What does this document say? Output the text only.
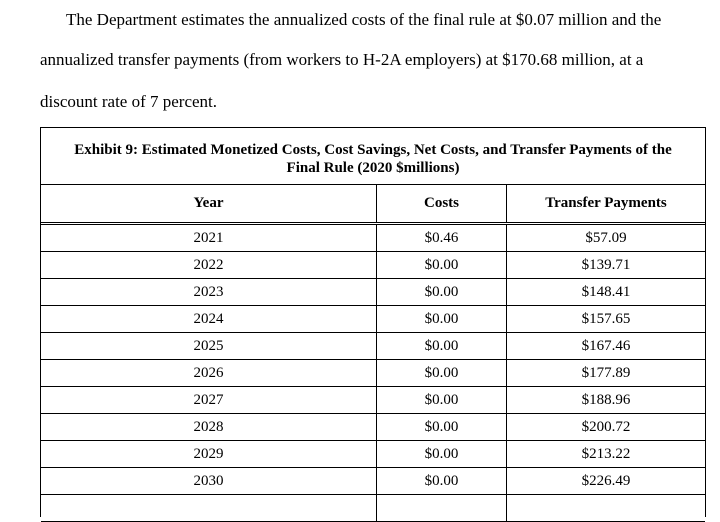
The Department estimates the annualized costs of the final rule at $0.07 million and the
annualized transfer payments (from workers to H-2A employers) at $170.68 million, at a
discount rate of 7 percent.
Exhibit 9: Estimated Monetized Costs, Cost Savings, Net Costs, and Transfer Payments of the
Final Rule (2020 $millions)
Year	Costs	Transfer Payments
2021	$0.46	$57.09
2022	$0.00	$139.71
2023	$0.00	$148.41
2024	$0.00	$157.65
2025	$0.00	$167.46
2026	$0.00	$177.89
2027	$0.00	$188.96
2028	$0.00	$200.72
2029	$0.00	$213.22
2030	$0.00	$226.49
